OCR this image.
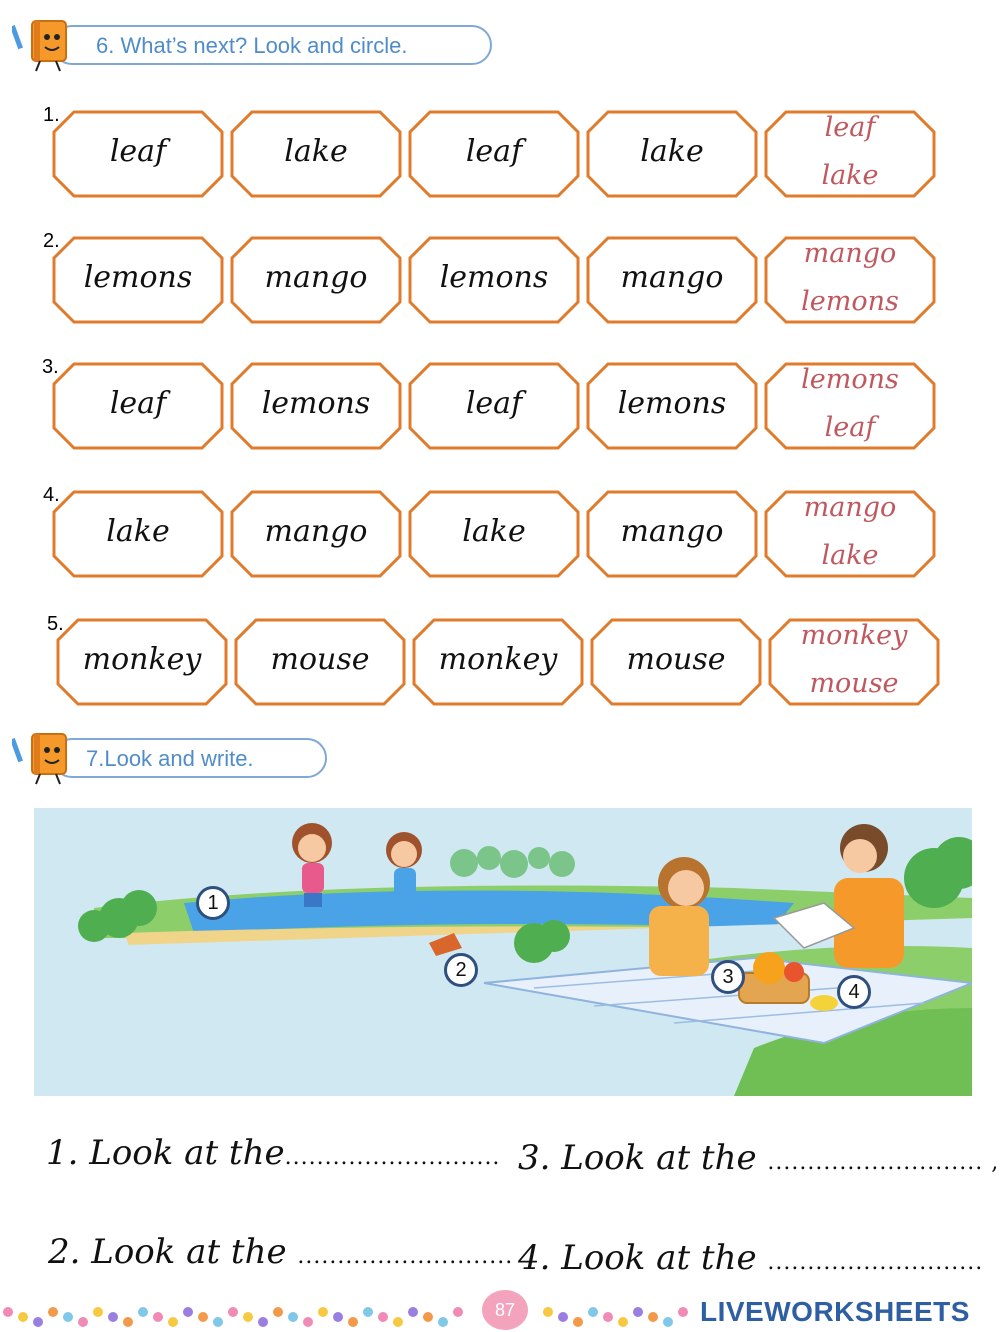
6. What’s next? Look and circle.
1.
leaf	lake	leaf	lake
leaf
lake
2.
lemons	mango	lemons	mango
mango
lemons
3.
leaf	lemons	leaf	lemons
lemons
leaf
4.
lake	mango	lake	mango
mango
lake
5.
monkey	mouse	monkey	mouse
monkey
mouse
7.Look and write.
1
2	3
4
1. Look at the........................... 3. Look at the ........................... ,
2. Look at the ........................... 4. Look at the ...........................
87	LIVEWORKSHEETS
